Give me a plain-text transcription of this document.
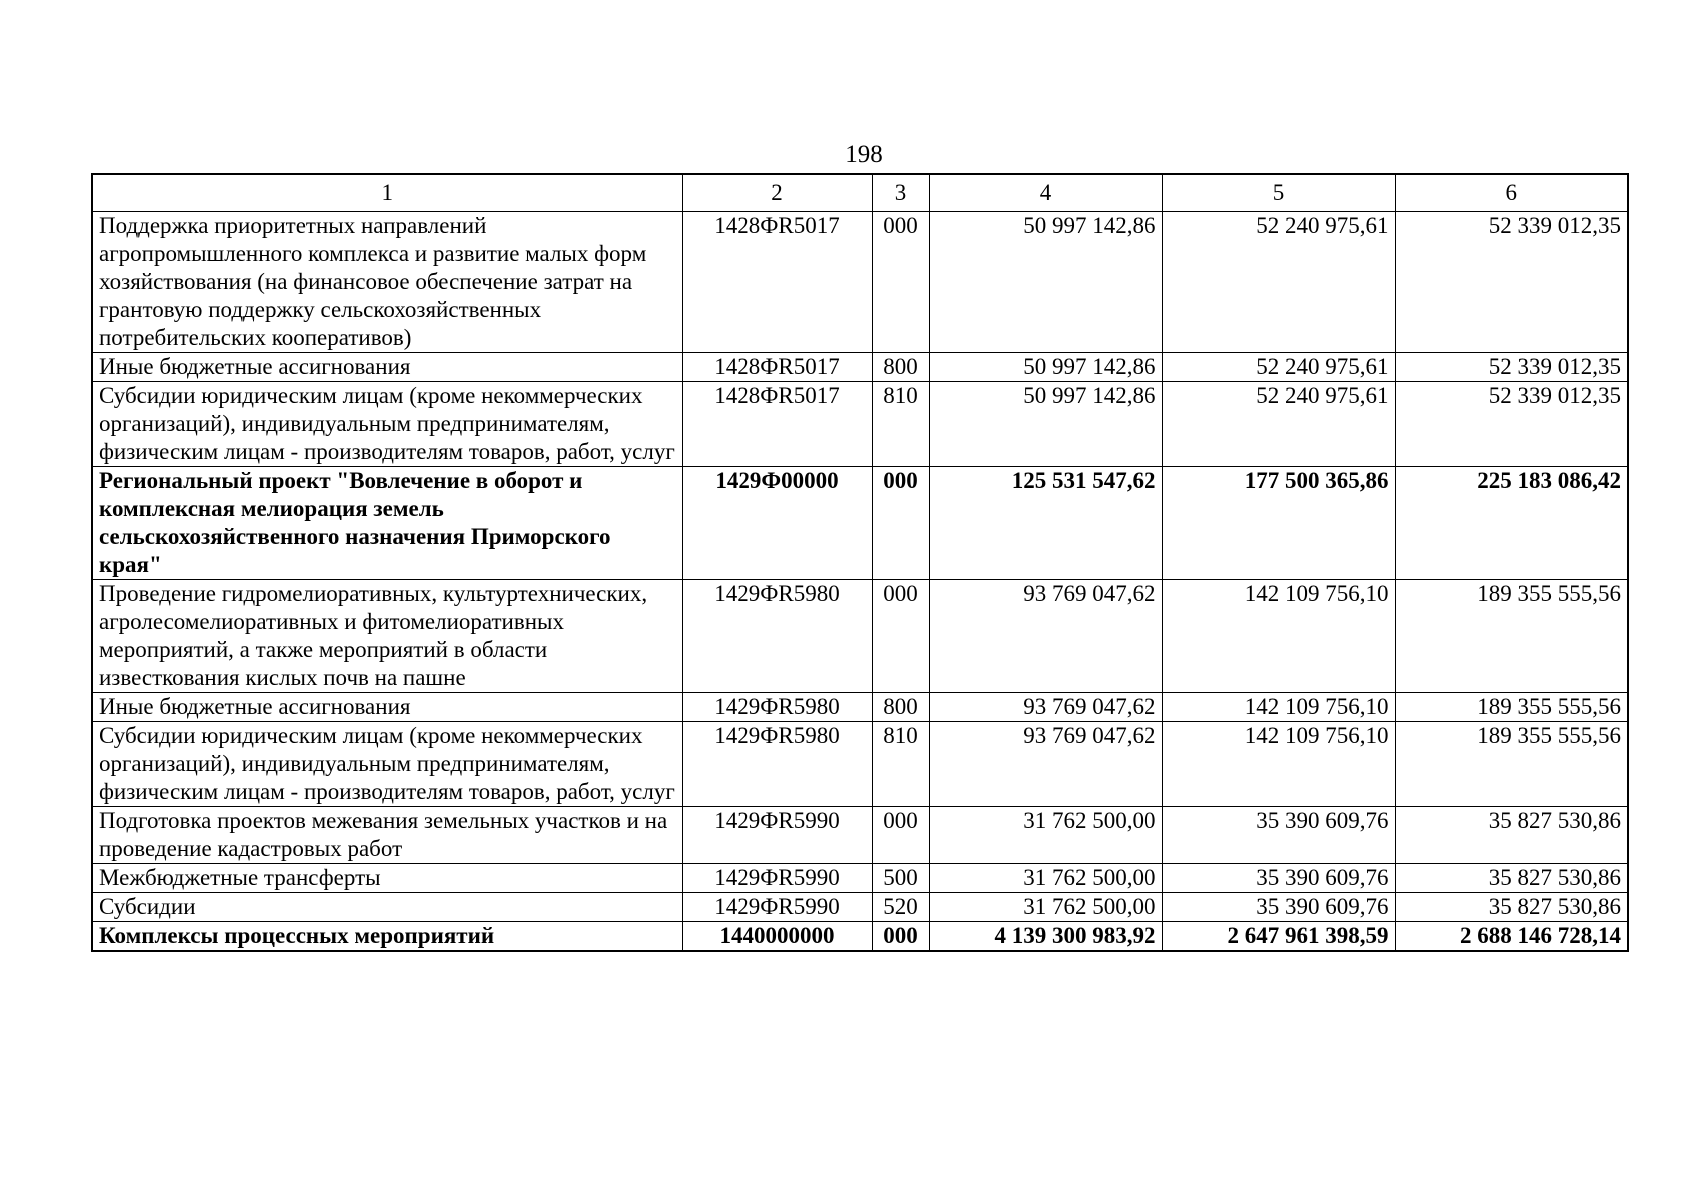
198
1	2	3	4	5	6
Поддержка приоритетных направлений агропромышленного комплекса и развитие малых форм хозяйствования (на финансовое обеспечение затрат на грантовую поддержку сельскохозяйственных потребительских кооперативов)	1428ФR5017	000	50 997 142,86	52 240 975,61	52 339 012,35
Иные бюджетные ассигнования	1428ФR5017	800	50 997 142,86	52 240 975,61	52 339 012,35
Субсидии юридическим лицам (кроме некоммерческих организаций), индивидуальным предпринимателям, физическим лицам - производителям товаров, работ, услуг	1428ФR5017	810	50 997 142,86	52 240 975,61	52 339 012,35
Региональный проект "Вовлечение в оборот и комплексная мелиорация земель сельскохозяйственного назначения Приморского края"	1429Ф00000	000	125 531 547,62	177 500 365,86	225 183 086,42
Проведение гидромелиоративных, культуртехнических, агролесомелиоративных и фитомелиоративных мероприятий, а также мероприятий в области известкования кислых почв на пашне	1429ФR5980	000	93 769 047,62	142 109 756,10	189 355 555,56
Иные бюджетные ассигнования	1429ФR5980	800	93 769 047,62	142 109 756,10	189 355 555,56
Субсидии юридическим лицам (кроме некоммерческих организаций), индивидуальным предпринимателям, физическим лицам - производителям товаров, работ, услуг	1429ФR5980	810	93 769 047,62	142 109 756,10	189 355 555,56
Подготовка проектов межевания земельных участков и на проведение кадастровых работ	1429ФR5990	000	31 762 500,00	35 390 609,76	35 827 530,86
Межбюджетные трансферты	1429ФR5990	500	31 762 500,00	35 390 609,76	35 827 530,86
Субсидии	1429ФR5990	520	31 762 500,00	35 390 609,76	35 827 530,86
Комплексы процессных мероприятий	1440000000	000	4 139 300 983,92	2 647 961 398,59	2 688 146 728,14
